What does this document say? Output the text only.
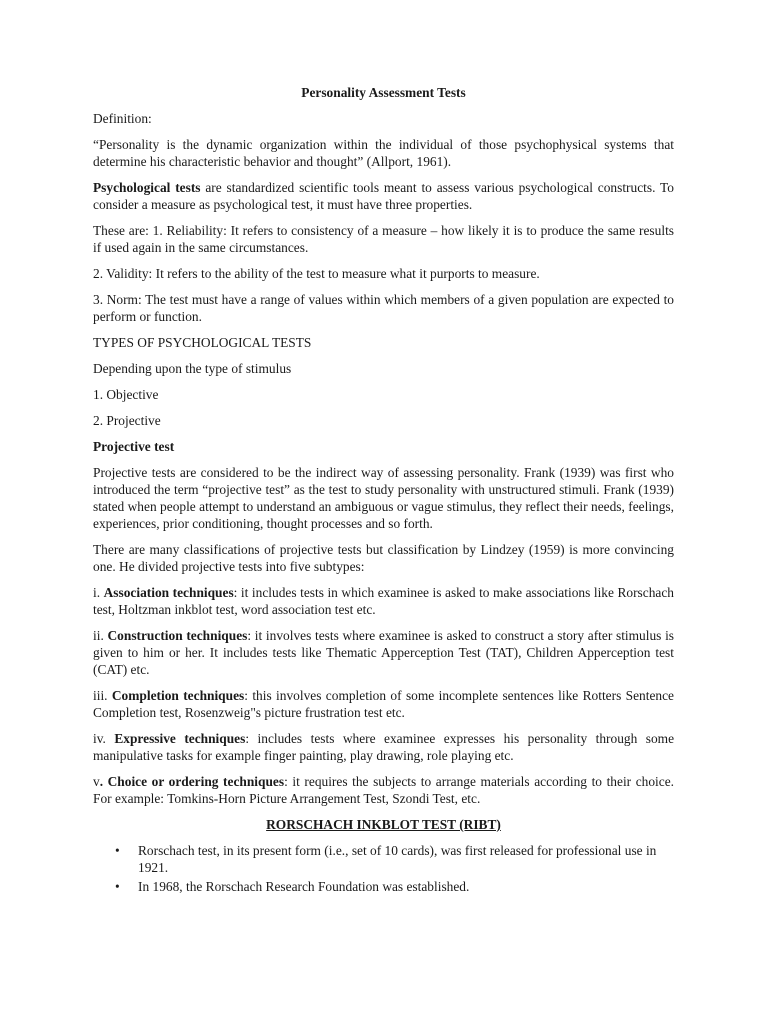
Personality Assessment Tests

Definition:

“Personality is the dynamic organization within the individual of those psychophysical systems that determine his characteristic behavior and thought” (Allport, 1961).

Psychological tests are standardized scientific tools meant to assess various psychological constructs. To consider a measure as psychological test, it must have three properties.

These are: 1. Reliability: It refers to consistency of a measure – how likely it is to produce the same results if used again in the same circumstances.

2. Validity: It refers to the ability of the test to measure what it purports to measure.

3. Norm: The test must have a range of values within which members of a given population are expected to perform or function.

TYPES OF PSYCHOLOGICAL TESTS

Depending upon the type of stimulus

1. Objective

2. Projective

Projective test

Projective tests are considered to be the indirect way of assessing personality. Frank (1939) was first who introduced the term “projective test” as the test to study personality with unstructured stimuli. Frank (1939) stated when people attempt to understand an ambiguous or vague stimulus, they reflect their needs, feelings, experiences, prior conditioning, thought processes and so forth.

There are many classifications of projective tests but classification by Lindzey (1959) is more convincing one. He divided projective tests into five subtypes:

i. Association techniques: it includes tests in which examinee is asked to make associations like Rorschach test, Holtzman inkblot test, word association test etc.

ii. Construction techniques: it involves tests where examinee is asked to construct a story after stimulus is given to him or her. It includes tests like Thematic Apperception Test (TAT), Children Apperception test (CAT) etc.

iii. Completion techniques: this involves completion of some incomplete sentences like Rotters Sentence Completion test, Rosenzweig"s picture frustration test etc.

iv. Expressive techniques: includes tests where examinee expresses his personality through some manipulative tasks for example finger painting, play drawing, role playing etc.

v. Choice or ordering techniques: it requires the subjects to arrange materials according to their choice. For example: Tomkins-Horn Picture Arrangement Test, Szondi Test, etc.

RORSCHACH INKBLOT TEST (RIBT)
• Rorschach test, in its present form (i.e., set of 10 cards), was first released for professional use in 1921.
• In 1968, the Rorschach Research Foundation was established.
